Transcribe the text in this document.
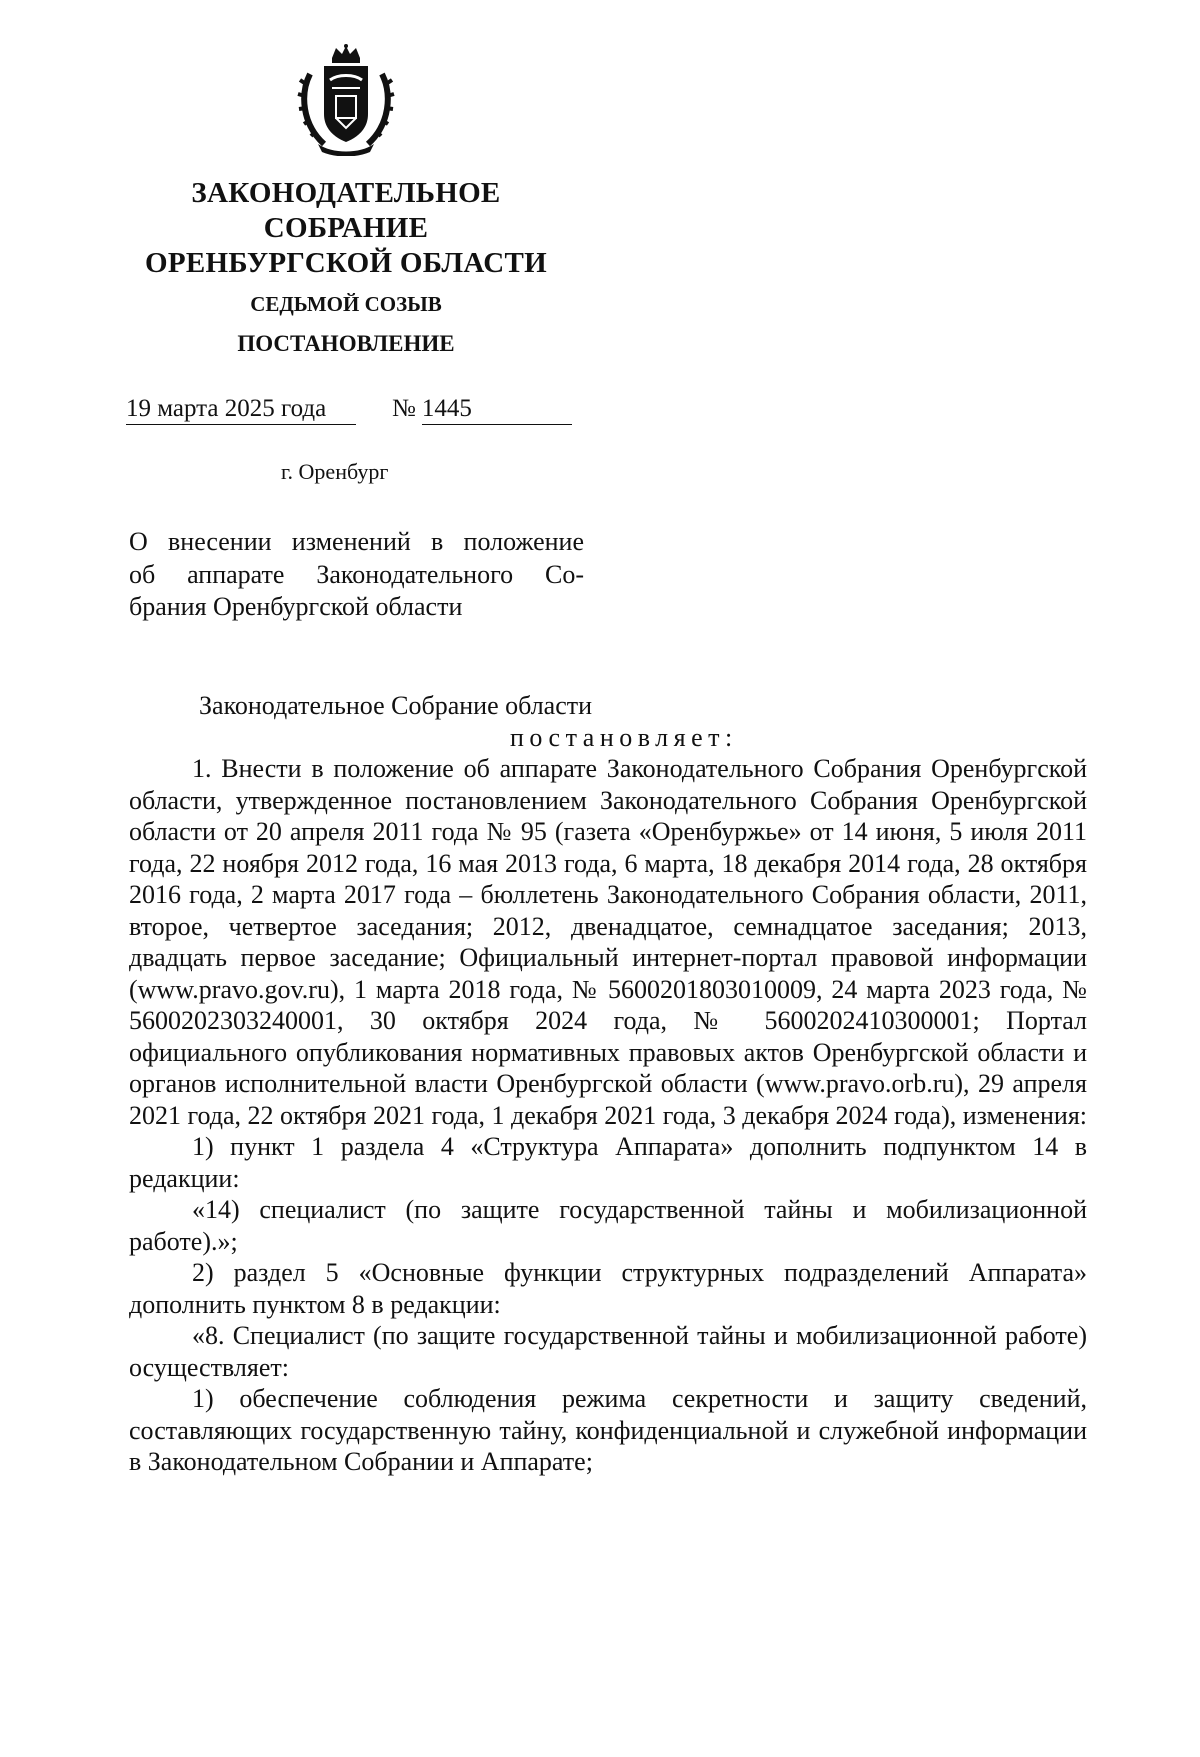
ЗАКОНОДАТЕЛЬНОЕ
СОБРАНИЕ
ОРЕНБУРГСКОЙ ОБЛАСТИ
СЕДЬМОЙ СОЗЫВ
ПОСТАНОВЛЕНИЕ
19 марта 2025 года	№ 1445
г. Оренбург
О внесении изменений в положение
об аппарате Законодательного Со-
брания Оренбургской области
Законодательное Собрание области
постановляет:

1. Внести в положение об аппарате Законодательного Собрания Оренбургской области, утвержденное постановлением Законодательного Собрания Оренбургской области от 20 апреля 2011 года № 95 (газета «Оренбуржье» от 14 июня, 5 июля 2011 года, 22 ноября 2012 года, 16 мая 2013 года, 6 марта, 18 декабря 2014 года, 28 октября 2016 года, 2 марта 2017 года – бюллетень Законодательного Собрания области, 2011, второе, четвертое заседания; 2012, двенадцатое, семнадцатое заседания; 2013, двадцать первое заседание; Официальный интернет-портал правовой информации (www.pravo.gov.ru), 1 марта 2018 года, № 5600201803010009, 24 марта 2023 года, № 5600202303240001, 30 октября 2024 года, № 5600202410300001; Портал официального опубликования нормативных правовых актов Оренбургской области и органов исполнительной власти Оренбургской области (www.pravo.orb.ru), 29 апреля 2021 года, 22 октября 2021 года, 1 декабря 2021 года, 3 декабря 2024 года), изменения:

1) пункт 1 раздела 4 «Структура Аппарата» дополнить подпунктом 14 в редакции:

«14) специалист (по защите государственной тайны и мобилизационной работе).»;

2) раздел 5 «Основные функции структурных подразделений Аппарата» дополнить пунктом 8 в редакции:

«8. Специалист (по защите государственной тайны и мобилизационной работе) осуществляет:

1) обеспечение соблюдения режима секретности и защиту сведений, составляющих государственную тайну, конфиденциальной и служебной информации в Законодательном Собрании и Аппарате;
